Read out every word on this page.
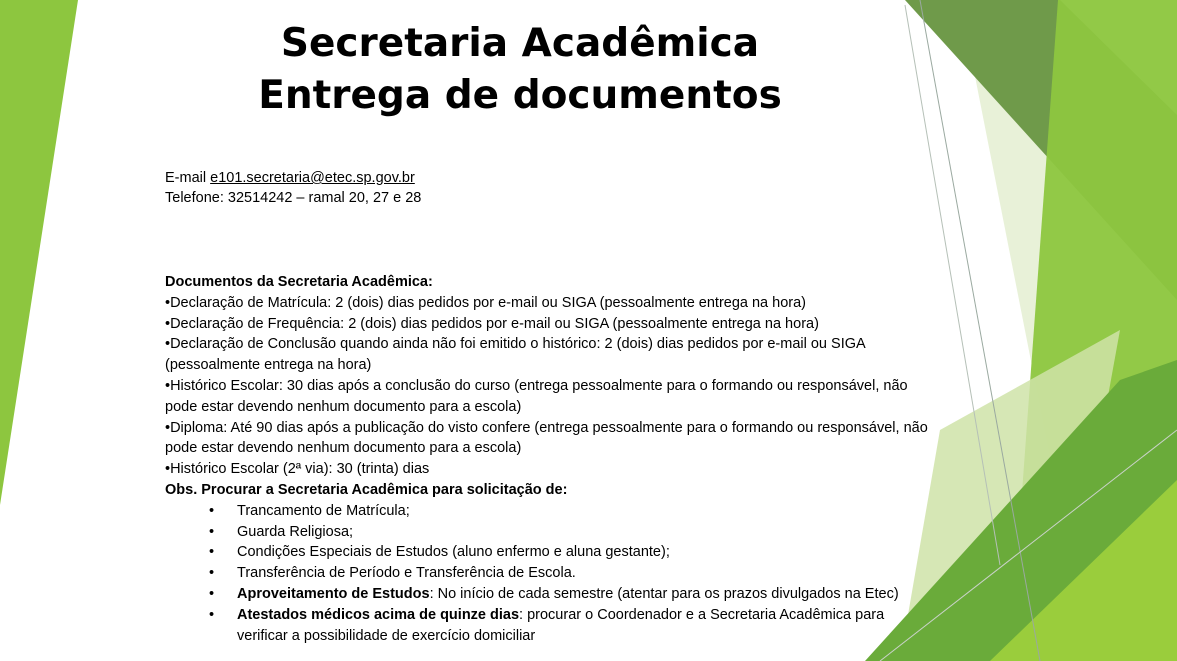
Secretaria Acadêmica
Entrega de documentos
E-mail e101.secretaria@etec.sp.gov.br
Telefone: 32514242 – ramal 20, 27 e 28

Documentos da Secretaria Acadêmica:

•Declaração de Matrícula: 2 (dois) dias pedidos por e-mail ou SIGA (pessoalmente entrega na hora)

•Declaração de Frequência: 2 (dois) dias pedidos por e-mail ou SIGA (pessoalmente entrega na hora)

•Declaração de Conclusão quando ainda não foi emitido o histórico: 2 (dois) dias pedidos por e-mail ou SIGA (pessoalmente entrega na hora)

•Histórico Escolar: 30 dias após a conclusão do curso (entrega pessoalmente para o formando ou responsável, não pode estar devendo nenhum documento para a escola)

•Diploma: Até 90 dias após a publicação do visto confere (entrega pessoalmente para o formando ou responsável, não pode estar devendo nenhum documento para a escola)

•Histórico Escolar (2ª via): 30 (trinta) dias

Obs. Procurar a Secretaria Acadêmica para solicitação de:

• Trancamento de Matrícula;
• Guarda Religiosa;
• Condições Especiais de Estudos (aluno enfermo e aluna gestante);
• Transferência de Período e Transferência de Escola.
• Aproveitamento de Estudos: No início de cada semestre (atentar para os prazos divulgados na Etec)
• Atestados médicos acima de quinze dias: procurar o Coordenador e a Secretaria Acadêmica para verificar a possibilidade de exercício domiciliar
